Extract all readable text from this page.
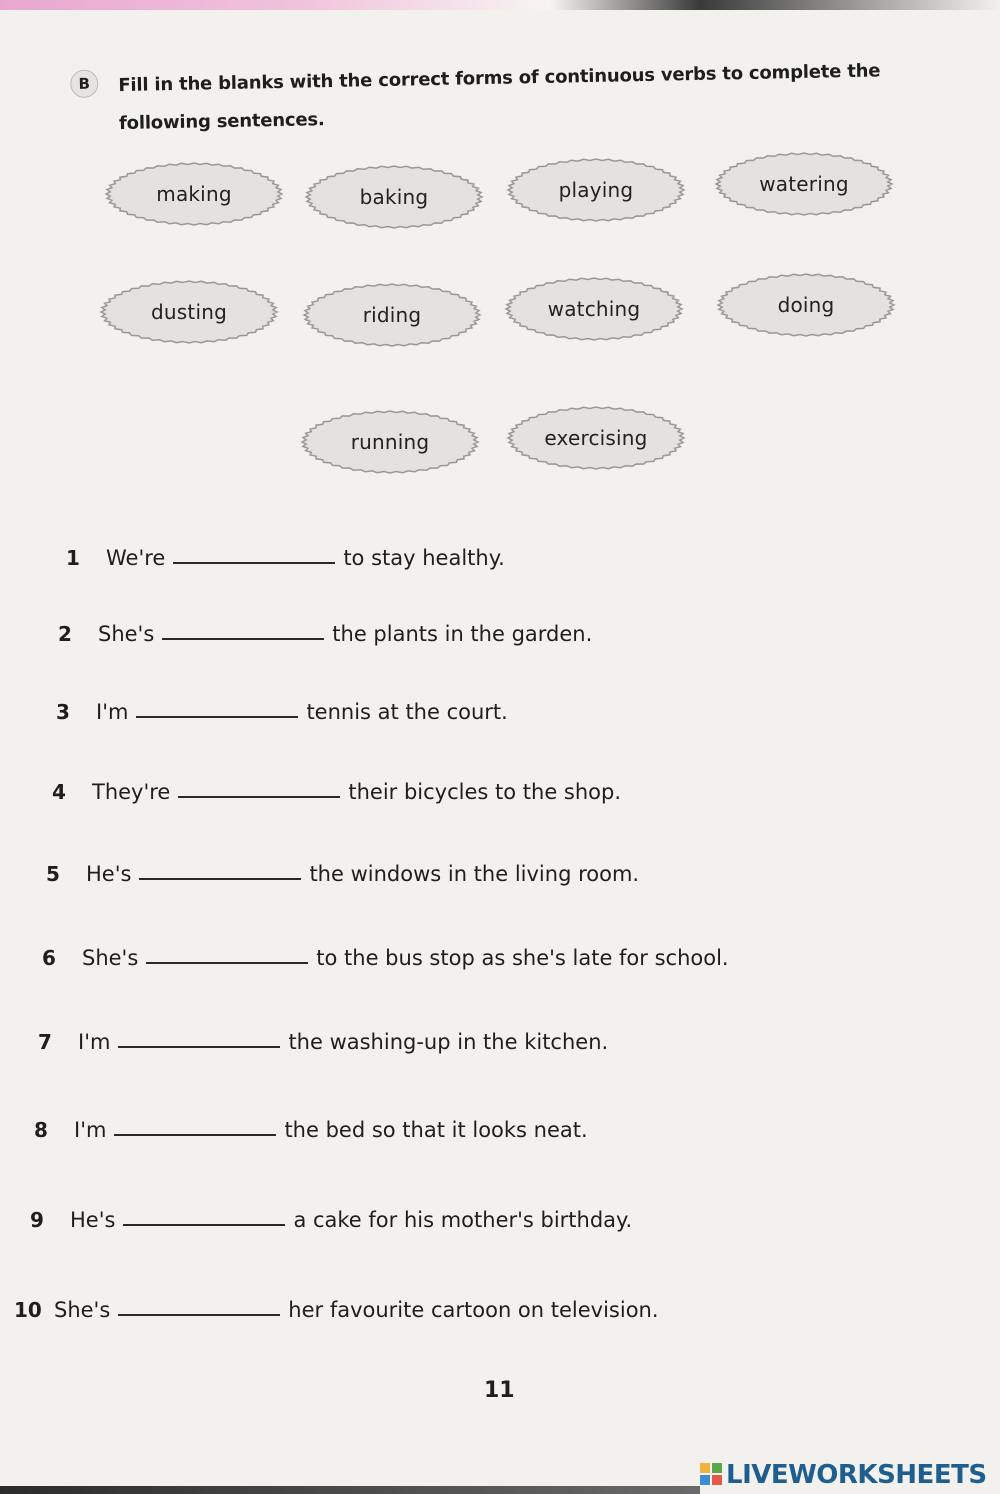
B	Fill in the blanks with the correct forms of continuous verbs to complete the following sentences.
making	baking	playing	watering
dusting	riding	watching	doing
running	exercising
1	We're	to stay healthy.
2	She's	the plants in the garden.
3	I'm	tennis at the court.
4	They're	their bicycles to the shop.
5	He's	the windows in the living room.
6	She's	to the bus stop as she's late for school.
7	I'm	the washing-up in the kitchen.
8	I'm	the bed so that it looks neat.
9	He's	a cake for his mother's birthday.
10 She's	her favourite cartoon on television.
11
LIVEWORKSHEETS
